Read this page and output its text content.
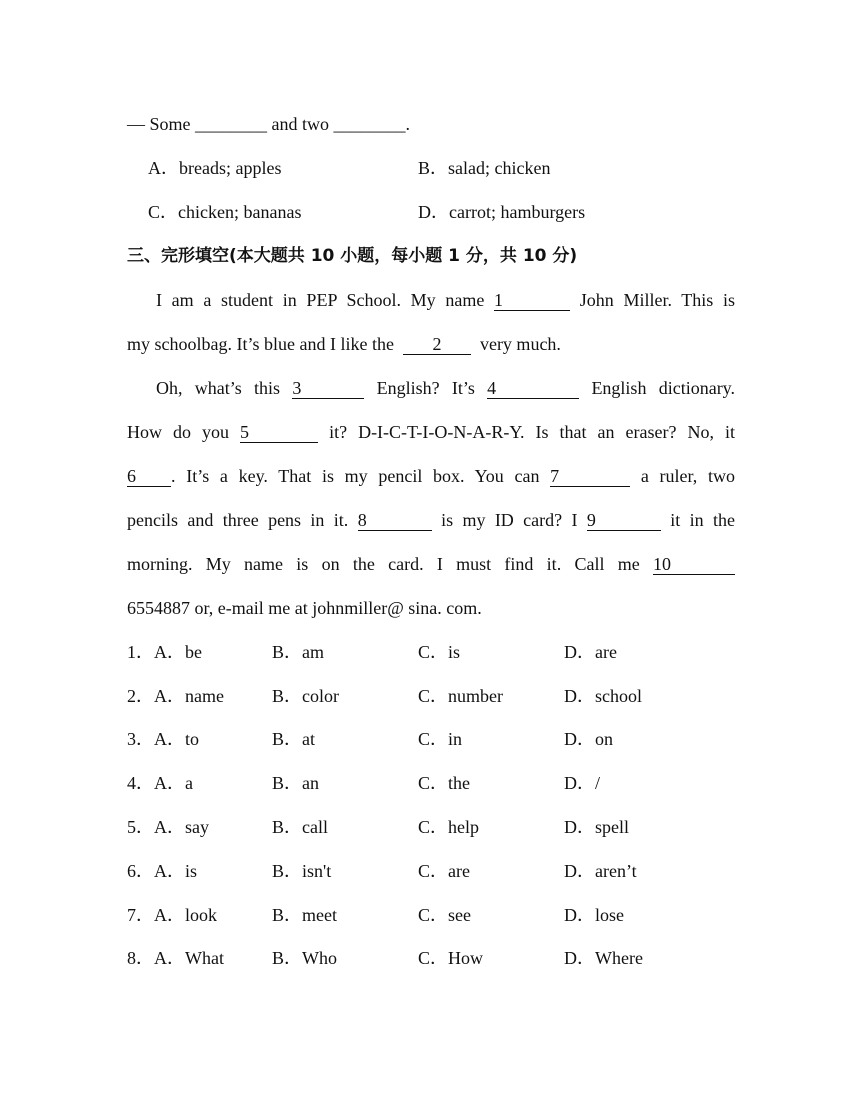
— Some ________ and two ________.
A．breads; apples	B．salad; chicken
C．chicken; bananas	D．carrot; hamburgers
三、完形填空(本大题共 10 小题，每小题 1 分，共 10 分)
I am a student in PEP School. My name 1	John Miller. This is
my schoolbag. It’s blue and I like the 2 very much.
Oh, what’s this 3	English? It’s 4	English dictionary.
How do you 5	it? D-I-C-T-I-O-N-A-R-Y. Is that an eraser? No, it
6 . It’s a key. That is my pencil box. You can 7	a ruler, two
pencils and three pens in it. 8	is my ID card? I 9	it in the
morning. My name is on the card. I must find it. Call me 10
6554887 or, e-mail me at johnmiller@ sina. com.
1．A．be	B．am	C．is	D．are
2．A．name	B．color	C．number	D．school
3．A．to	B．at	C．in	D．on
4．A．a	B．an	C．the	D．/
5．A．say	B．call	C．help	D．spell
6．A．is	B．isn't	C．are	D．aren’t
7．A．look	B．meet	C．see	D．lose
8．A．What	B．Who	C．How	D．Where
